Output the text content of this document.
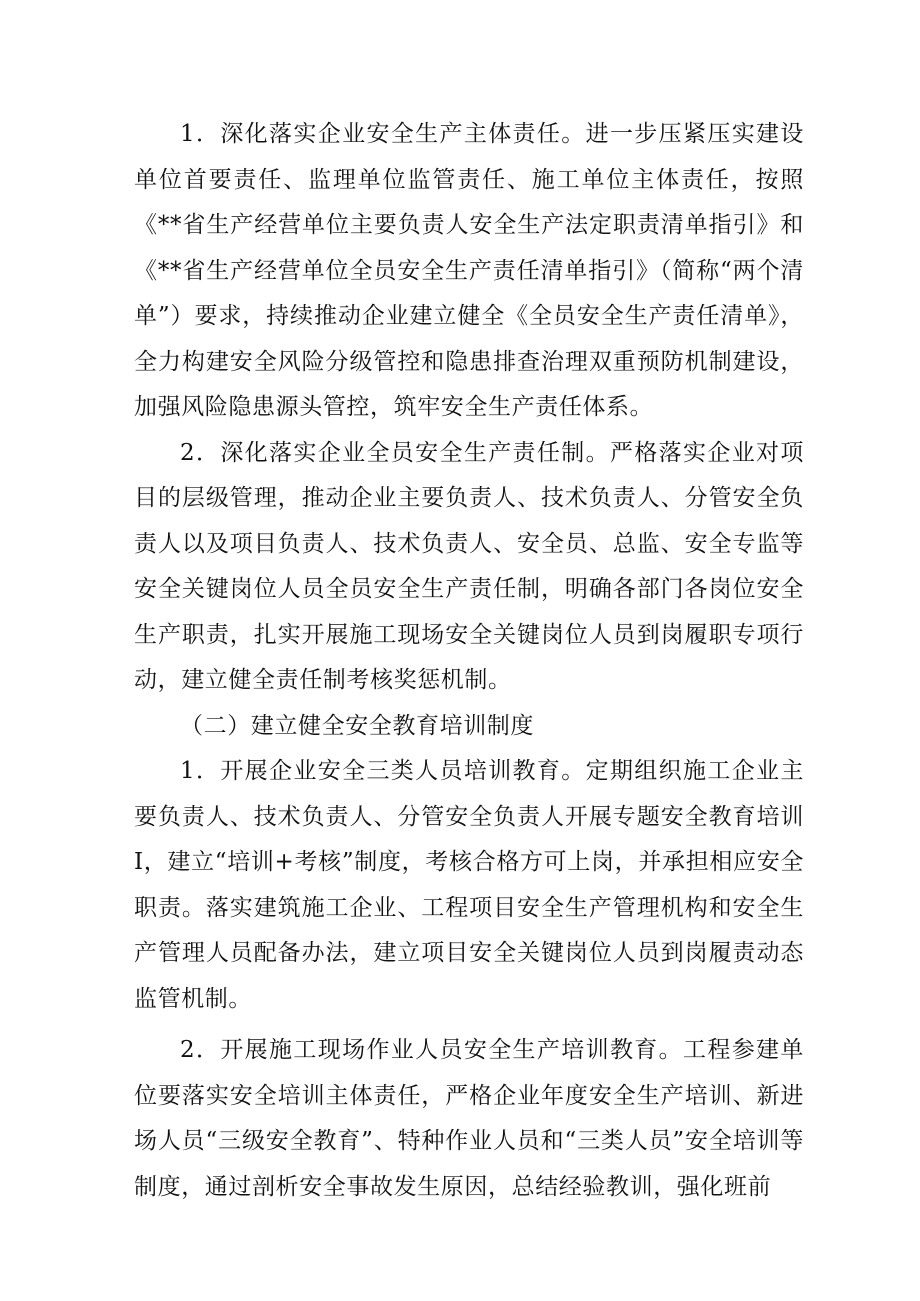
1．深化落实企业安全生产主体责任。进一步压紧压实建设单位首要责任、监理单位监管责任、施工单位主体责任，按照《**省生产经营单位主要负责人安全生产法定职责清单指引》和《**省生产经营单位全员安全生产责任清单指引》（简称“两个清单”）要求，持续推动企业建立健全《全员安全生产责任清单》，全力构建安全风险分级管控和隐患排查治理双重预防机制建设，加强风险隐患源头管控，筑牢安全生产责任体系。

2．深化落实企业全员安全生产责任制。严格落实企业对项目的层级管理，推动企业主要负责人、技术负责人、分管安全负责人以及项目负责人、技术负责人、安全员、总监、安全专监等安全关键岗位人员全员安全生产责任制，明确各部门各岗位安全生产职责，扎实开展施工现场安全关键岗位人员到岗履职专项行动，建立健全责任制考核奖惩机制。

（二）建立健全安全教育培训制度

1．开展企业安全三类人员培训教育。定期组织施工企业主要负责人、技术负责人、分管安全负责人开展专题安全教育培训I，建立“培训+考核”制度，考核合格方可上岗，并承担相应安全职责。落实建筑施工企业、工程项目安全生产管理机构和安全生产管理人员配备办法，建立项目安全关键岗位人员到岗履责动态监管机制。

2．开展施工现场作业人员安全生产培训教育。工程参建单位要落实安全培训主体责任，严格企业年度安全生产培训、新进场人员“三级安全教育”、特种作业人员和“三类人员”安全培训等制度，通过剖析安全事故发生原因，总结经验教训，强化班前
